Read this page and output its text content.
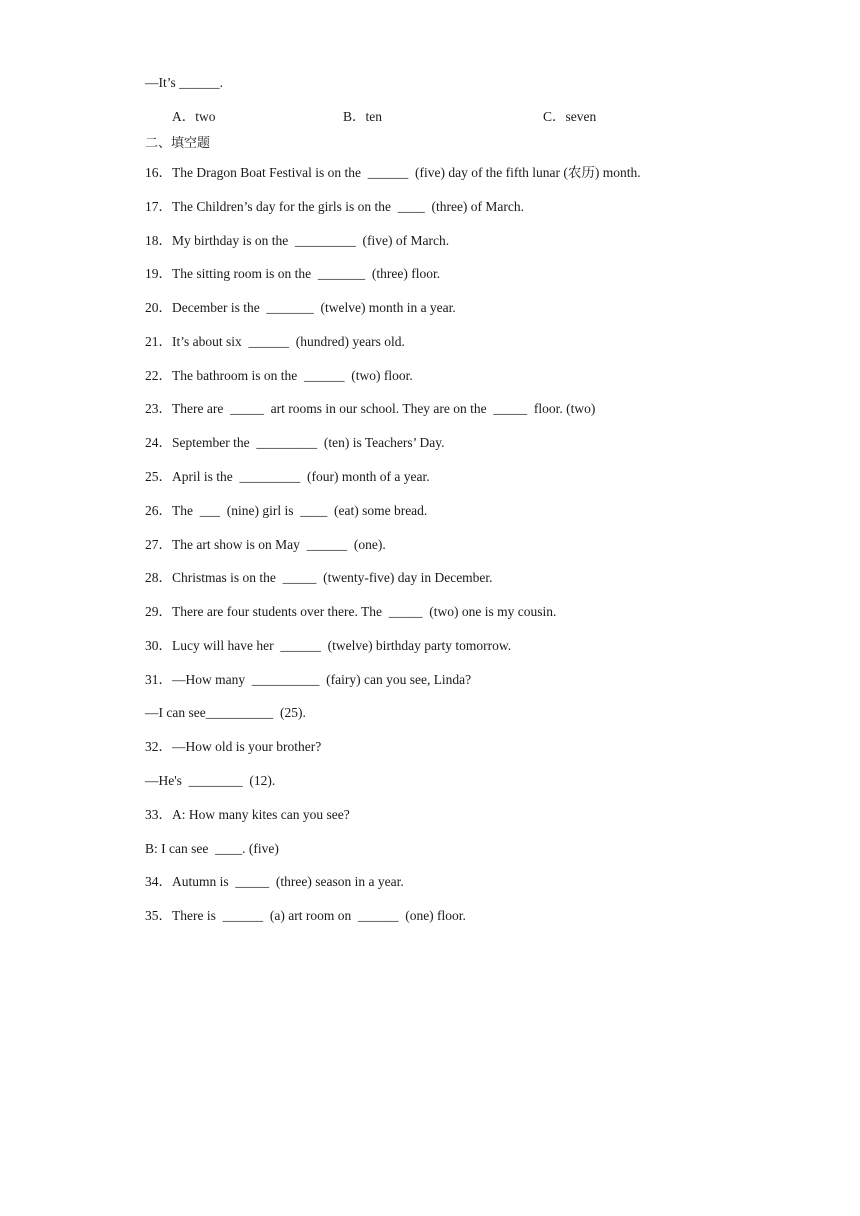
—It’s ______.
A．two	B．ten	C．seven
二、填空题
16．The Dragon Boat Festival is on the  ______  (five) day of the fifth lunar (农历) month.
17．The Children’s day for the girls is on the  ____  (three) of March.
18．My birthday is on the  _________  (five) of March.
19．The sitting room is on the  _______  (three) floor.
20．December is the  _______  (twelve) month in a year.
21．It’s about six  ______  (hundred) years old.
22．The bathroom is on the  ______  (two) floor.
23．There are  _____  art rooms in our school. They are on the  _____  floor. (two)
24．September the  _________  (ten) is Teachers’ Day.
25．April is the  _________  (four) month of a year.
26．The  ___  (nine) girl is  ____  (eat) some bread.
27．The art show is on May  ______  (one).
28．Christmas is on the  _____  (twenty-five) day in December.
29．There are four students over there. The  _____  (two) one is my cousin.
30．Lucy will have her  ______  (twelve) birthday party tomorrow.
31．—How many  __________  (fairy) can you see, Linda?
—I can see__________  (25).
32．—How old is your brother?
—He's  ________  (12).
33．A: How many kites can you see?
B: I can see  ____. (five)
34．Autumn is  _____  (three) season in a year.
35．There is  ______  (a) art room on  ______  (one) floor.
